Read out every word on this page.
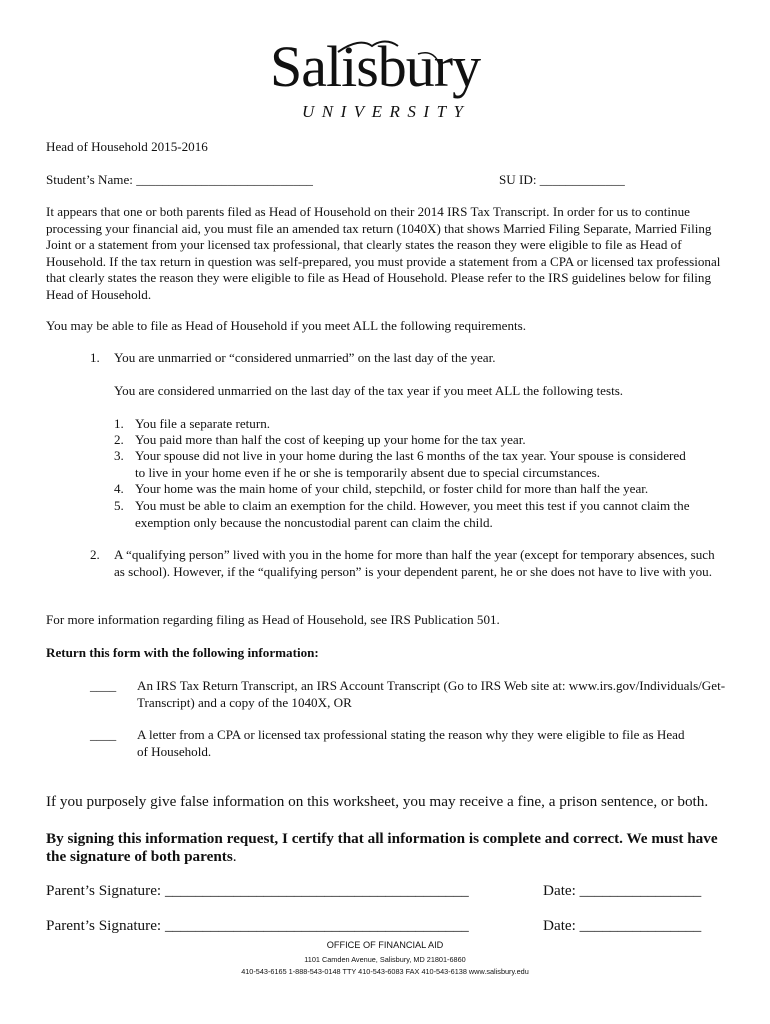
Salisbury
UNIVERSITY
Head of Household 2015-2016
Student’s Name: ___________________________	SU ID: _____________
It appears that one or both parents filed as Head of Household on their 2014 IRS Tax Transcript. In order for us to continue processing your financial aid, you must file an amended tax return (1040X) that shows Married Filing Separate, Married Filing Joint or a statement from your licensed tax professional, that clearly states the reason they were eligible to file as Head of Household. If the tax return in question was self-prepared, you must provide a statement from a CPA or licensed tax professional that clearly states the reason they were eligible to file as Head of Household. Please refer to the IRS guidelines below for filing Head of Household.
You may be able to file as Head of Household if you meet ALL the following requirements.
1. You are unmarried or “considered unmarried” on the last day of the year.
You are considered unmarried on the last day of the tax year if you meet ALL the following tests.
1. You file a separate return.
2. You paid more than half the cost of keeping up your home for the tax year.
3. Your spouse did not live in your home during the last 6 months of the tax year. Your spouse is considered to live in your home even if he or she is temporarily absent due to special circumstances.
4. Your home was the main home of your child, stepchild, or foster child for more than half the year.
5. You must be able to claim an exemption for the child. However, you meet this test if you cannot claim the exemption only because the noncustodial parent can claim the child.
2. A “qualifying person” lived with you in the home for more than half the year (except for temporary absences, such as school). However, if the “qualifying person” is your dependent parent, he or she does not have to live with you.
For more information regarding filing as Head of Household, see IRS Publication 501.
Return this form with the following information:
____ An IRS Tax Return Transcript, an IRS Account Transcript (Go to IRS Web site at: www.irs.gov/Individuals/Get-Transcript) and a copy of the 1040X, OR
____ A letter from a CPA or licensed tax professional stating the reason why they were eligible to file as Head of Household.
If you purposely give false information on this worksheet, you may receive a fine, a prison sentence, or both.
By signing this information request, I certify that all information is complete and correct. We must have the signature of both parents.
Parent’s Signature: ________________________________________	Date: ________________
Parent’s Signature: ________________________________________	Date: ________________
OFFICE OF FINANCIAL AID
1101 Camden Avenue, Salisbury, MD 21801-6860
410-543-6165 1-888-543-0148 TTY 410-543-6083 FAX 410-543-6138 www.salisbury.edu
